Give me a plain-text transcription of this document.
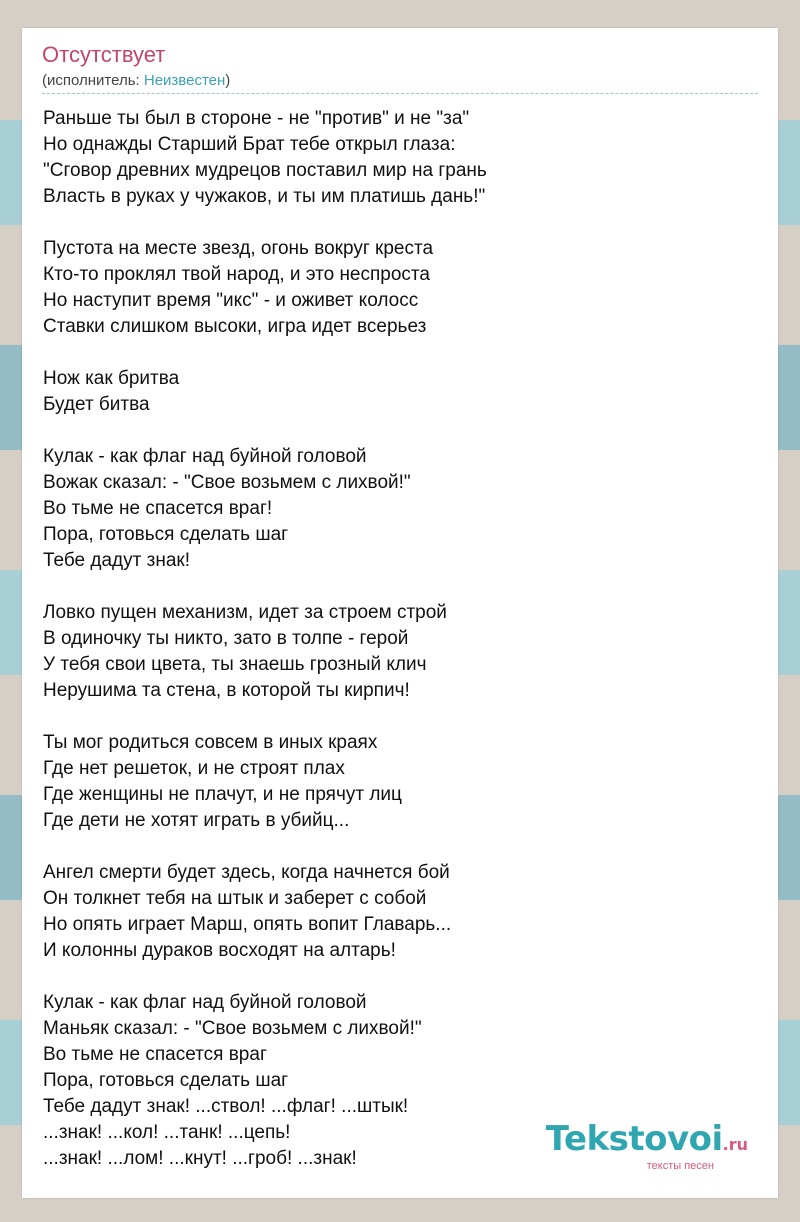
Отсутствует
(исполнитель: Неизвестен)
Раньше ты был в стороне - не "против" и не "за"
Но однажды Старший Брат тебе открыл глаза:
"Сговор древних мудрецов поставил мир на грань
Власть в руках у чужаков, и ты им платишь дань!"
Пустота на месте звезд, огонь вокруг креста
Кто-то проклял твой народ, и это неспроста
Но наступит время "икс" - и оживет колосс
Ставки слишком высоки, игра идет всерьез
Нож как бритва
Будет битва
Кулак - как флаг над буйной головой
Вожак сказал: - "Свое возьмем с лихвой!"
Во тьме не спасется враг!
Пора, готовься сделать шаг
Тебе дадут знак!
Ловко пущен механизм, идет за строем строй
В одиночку ты никто, зато в толпе - герой
У тебя свои цвета, ты знаешь грозный клич
Нерушима та стена, в которой ты кирпич!
Ты мог родиться совсем в иных краях
Где нет решеток, и не строят плах
Где женщины не плачут, и не прячут лиц
Где дети не хотят играть в убийц...
Ангел смерти будет здесь, когда начнется бой
Он толкнет тебя на штык и заберет с собой
Но опять играет Марш, опять вопит Главарь...
И колонны дураков восходят на алтарь!
Кулак - как флаг над буйной головой
Маньяк сказал: - "Свое возьмем с лихвой!"
Во тьме не спасется враг
Пора, готовься сделать шаг
Тебе дадут знак! ...ствол! ...флаг! ...штык!
...знак! ...кол! ...танк! ...цепь!
...знак! ...лом! ...кнут! ...гроб! ...знак!	Tekstovoi.ru
тексты песен
